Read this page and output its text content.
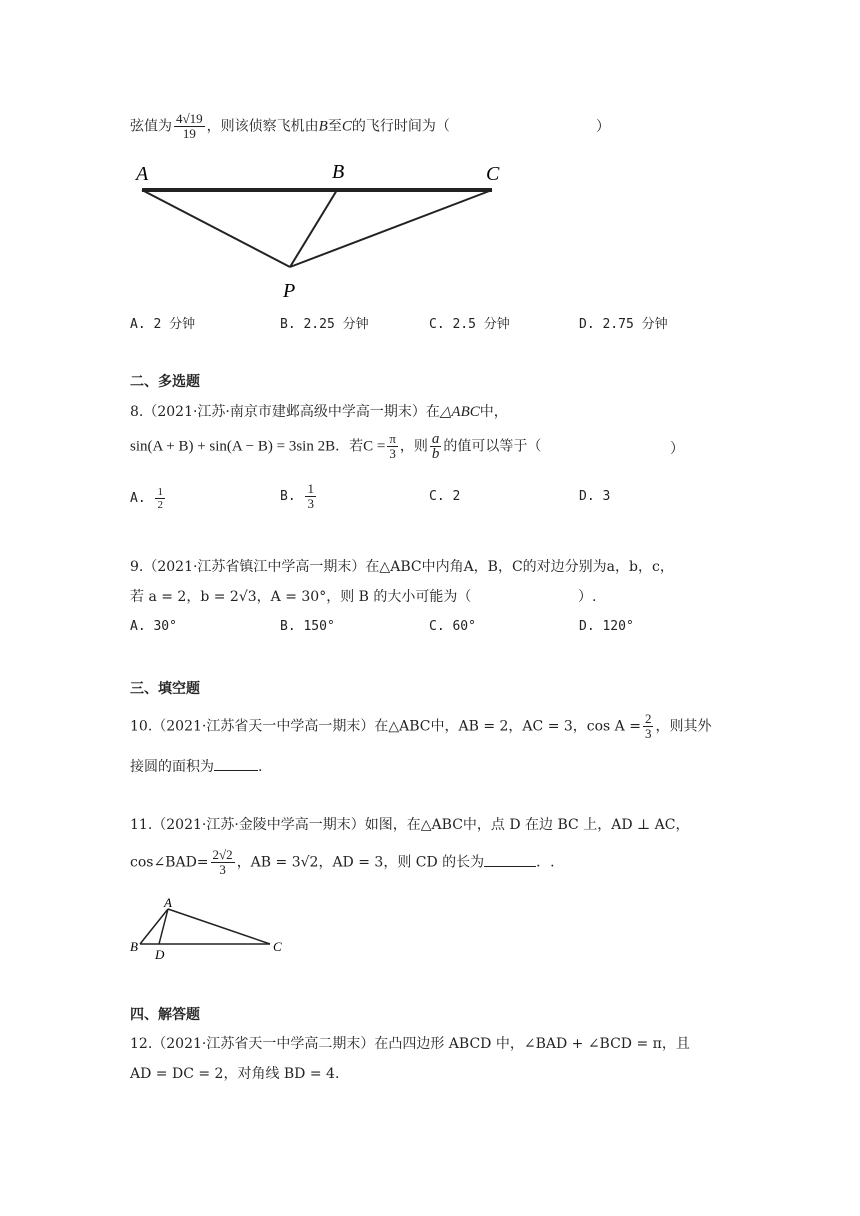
弦值为 $\frac{4√19}{19}$ ，则该侦察飞机由B至C的飞行时间为（	）
A	B	C
P
A. 2 分钟	B. 2.25 分钟	C. 2.5 分钟	D. 2.75 分钟
二、多选题
8.（2021·江苏·南京市建邺高级中学高一期末）在△ABC中，
sin(A + B) + sin(A − B) = 3sin 2B．若$C = \frac{\pi}{3}$ ，则 $\frac{a}{b}$ 的值可以等于（	）
A. $\frac{1}{2}$	B. $\frac{1}{3}$	C. 2	D. 3
9.（2021·江苏省镇江中学高一期末）在△ABC中内角A，B，C的对边分别为a，b，c，
若 a = 2，b = 2√3，A = 30°，则 B 的大小可能为（	）.
A. 30°	B. 150°	C. 60°	D. 120°
三、填空题
10.（2021·江苏省天一中学高一期末）在△ABC中，AB = 2，AC = 3，$\cos A = \frac{2}{3}$ ，则其外
接圆的面积为	.
11.（2021·江苏·金陵中学高一期末）如图，在△ABC中，点 D 在边 BC 上，AD ⊥ AC，
cos∠BAD= $\frac{2√2}{3}$ ，AB = 3√2，AD = 3，则 CD 的长为	．.
A
B	C
D
四、解答题
12.（2021·江苏省天一中学高二期末）在凸四边形 ABCD 中，∠BAD + ∠BCD = π，且
AD = DC = 2，对角线 BD = 4.
